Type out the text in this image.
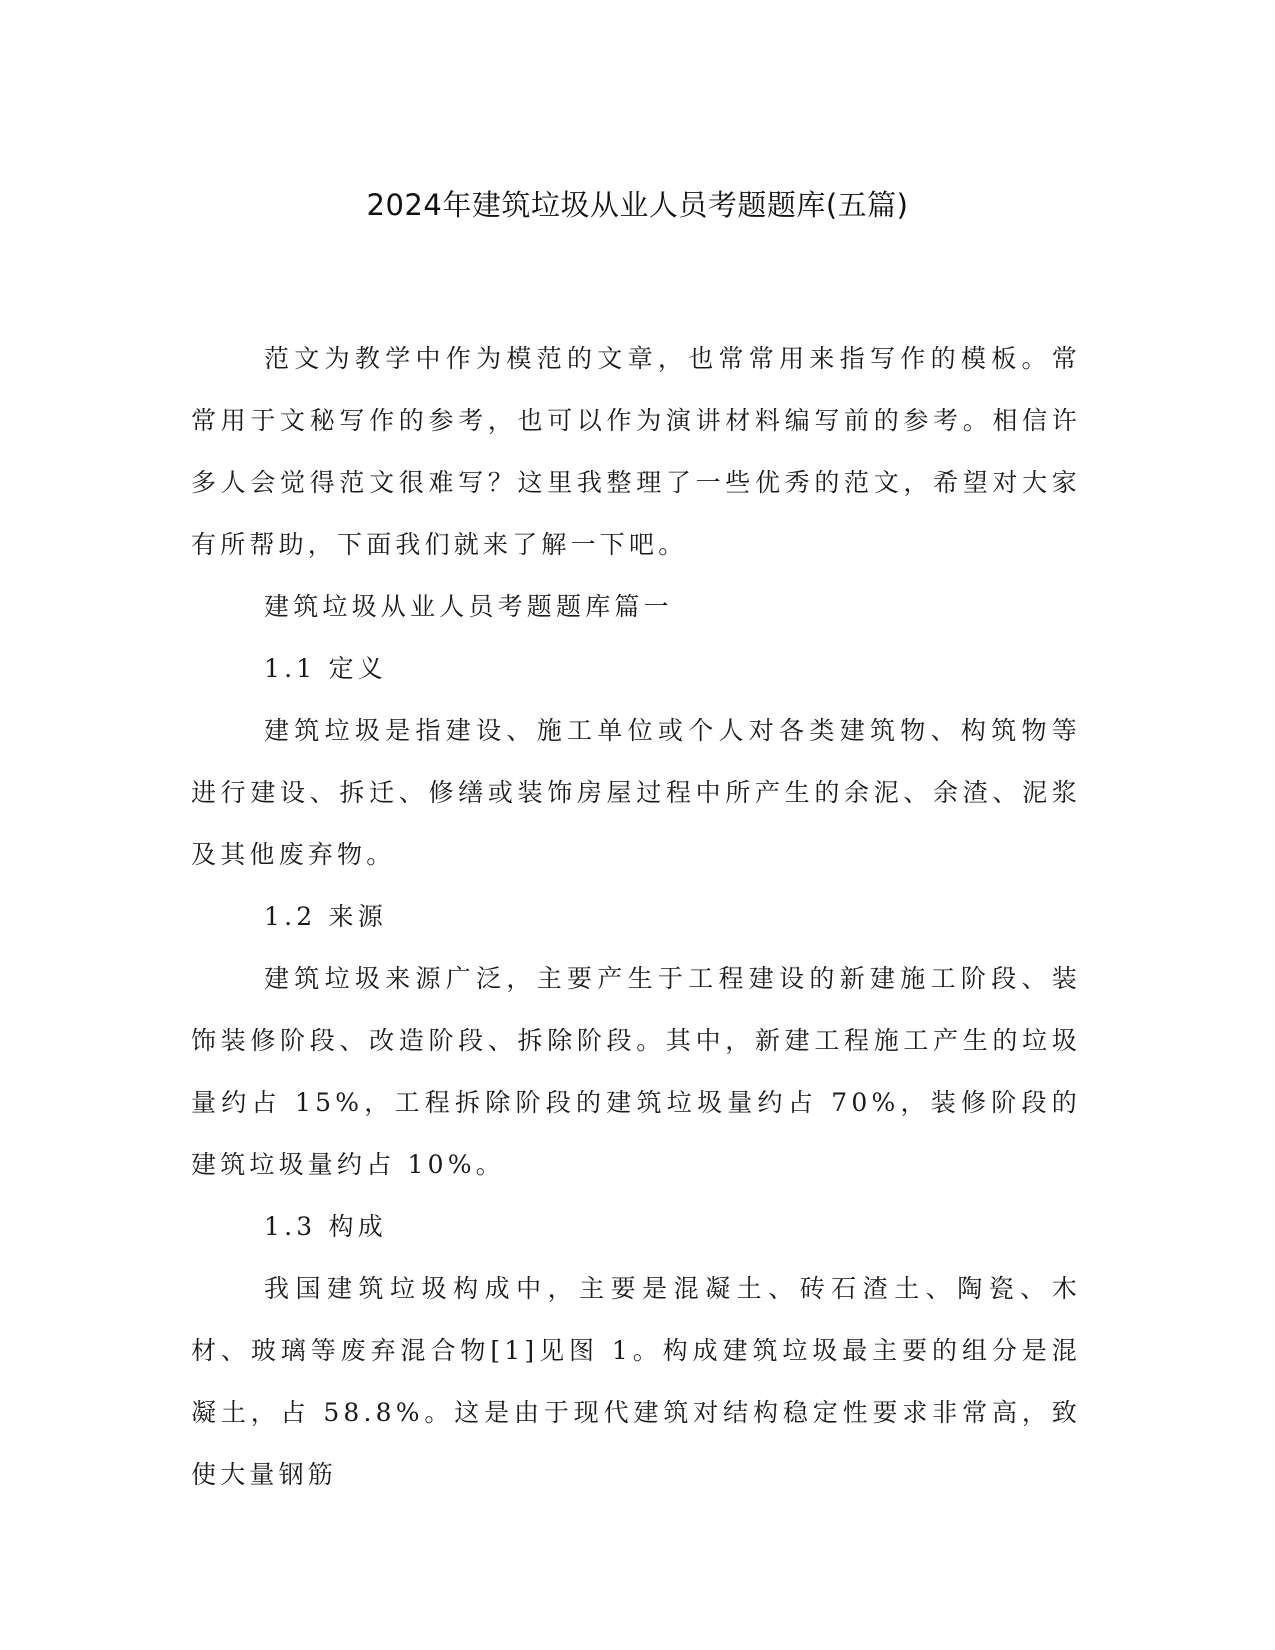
2024年建筑垃圾从业人员考题题库(五篇)

范文为教学中作为模范的文章，也常常用来指写作的模板。常常用于文秘写作的参考，也可以作为演讲材料编写前的参考。相信许多人会觉得范文很难写？这里我整理了一些优秀的范文，希望对大家有所帮助，下面我们就来了解一下吧。

建筑垃圾从业人员考题题库篇一

1.1 定义

建筑垃圾是指建设、施工单位或个人对各类建筑物、构筑物等进行建设、拆迁、修缮或装饰房屋过程中所产生的余泥、余渣、泥浆及其他废弃物。

1.2 来源

建筑垃圾来源广泛，主要产生于工程建设的新建施工阶段、装饰装修阶段、改造阶段、拆除阶段。其中，新建工程施工产生的垃圾量约占 15%，工程拆除阶段的建筑垃圾量约占 70%，装修阶段的建筑垃圾量约占 10%。

1.3 构成

我国建筑垃圾构成中，主要是混凝土、砖石渣土、陶瓷、木材、玻璃等废弃混合物[1]见图 1。构成建筑垃圾最主要的组分是混凝土，占 58.8%。这是由于现代建筑对结构稳定性要求非常高，致使大量钢筋
